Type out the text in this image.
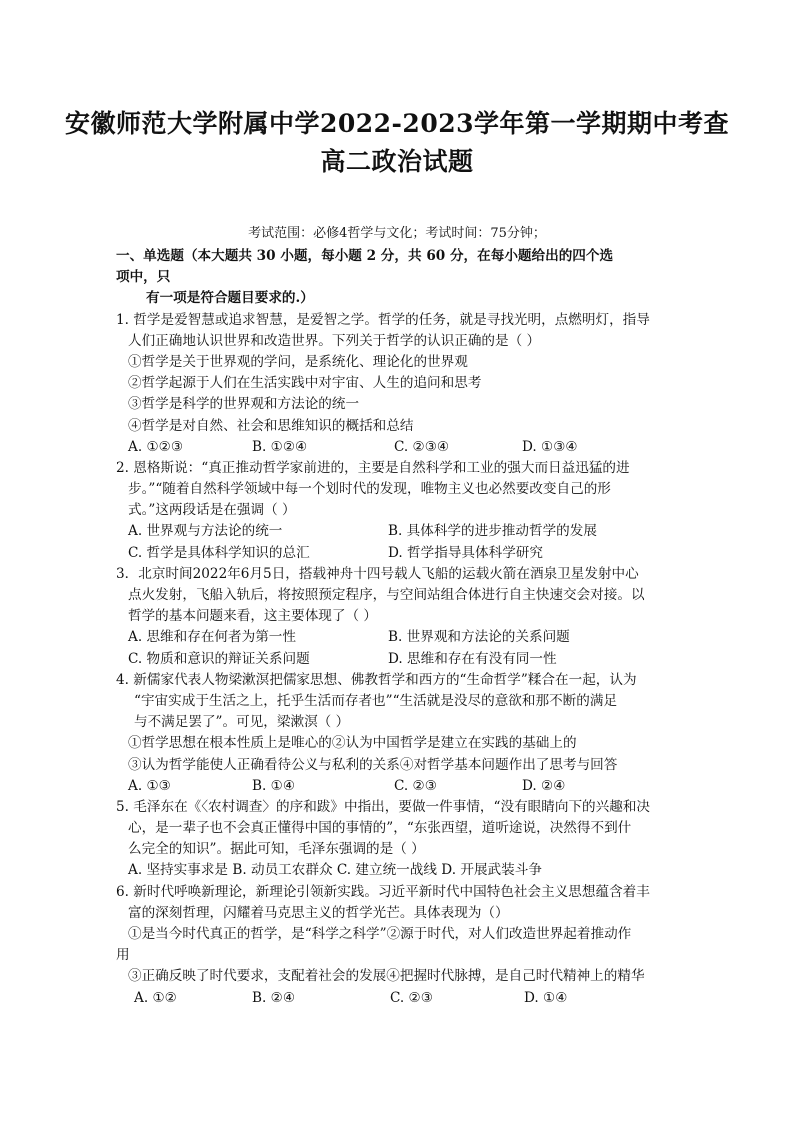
安徽师范大学附属中学2022-2023学年第一学期期中考查
高二政治试题
考试范围：必修4哲学与文化；考试时间：75分钟；
一、单选题（本大题共 30 小题，每小题 2 分，共 60 分，在每小题给出的四个选
项中，只
有一项是符合题目要求的.）
1. 哲学是爱智慧或追求智慧，是爱智之学。哲学的任务，就是寻找光明，点燃明灯，指导
人们正确地认识世界和改造世界。下列关于哲学的认识正确的是（ ）
①哲学是关于世界观的学问，是系统化、理论化的世界观
②哲学起源于人们在生活实践中对宇宙、人生的追问和思考
③哲学是科学的世界观和方法论的统一
④哲学是对自然、社会和思维知识的概括和总结
A. ①②③	B. ①②④	C. ②③④	D. ①③④
2. 恩格斯说：“真正推动哲学家前进的，主要是自然科学和工业的强大而日益迅猛的进
步。”“随着自然科学领域中每一个划时代的发现，唯物主义也必然要改变自己的形
式。”这两段话是在强调（ ）
A. 世界观与方法论的统一	B. 具体科学的进步推动哲学的发展
C. 哲学是具体科学知识的总汇	D. 哲学指导具体科学研究
3．北京时间2022年6月5日，搭载神舟十四号载人飞船的运载火箭在酒泉卫星发射中心
点火发射，飞船入轨后，将按照预定程序，与空间站组合体进行自主快速交会对接。以
哲学的基本问题来看，这主要体现了（ ）
A. 思维和存在何者为第一性	B. 世界观和方法论的关系问题
C. 物质和意识的辩证关系问题	D. 思维和存在有没有同一性
4. 新儒家代表人物梁漱溟把儒家思想、佛教哲学和西方的“生命哲学”糅合在一起，认为
“宇宙实成于生活之上，托乎生活而存者也”“生活就是没尽的意欲和那不断的满足
与不满足罢了”。可见，梁漱溟（ ）
①哲学思想在根本性质上是唯心的②认为中国哲学是建立在实践的基础上的
③认为哲学能使人正确看待公义与私利的关系④对哲学基本问题作出了思考与回答
A. ①③	B. ①④	C. ②③	D. ②④
5. 毛泽东在《〈农村调查〉的序和跋》中指出，要做一件事情，“没有眼睛向下的兴趣和决
心，是一辈子也不会真正懂得中国的事情的”，“东张西望，道听途说，决然得不到什
么完全的知识”。据此可知，毛泽东强调的是（ ）
A. 坚持实事求是 B. 动员工农群众 C. 建立统一战线 D. 开展武装斗争
6. 新时代呼唤新理论，新理论引领新实践。习近平新时代中国特色社会主义思想蕴含着丰
富的深刻哲理，闪耀着马克思主义的哲学光芒。具体表现为（）
①是当今时代真正的哲学，是“科学之科学”②源于时代，对人们改造世界起着推动作
用
③正确反映了时代要求，支配着社会的发展④把握时代脉搏，是自己时代精神上的精华
A. ①②	B. ②④	C. ②③	D. ①④
